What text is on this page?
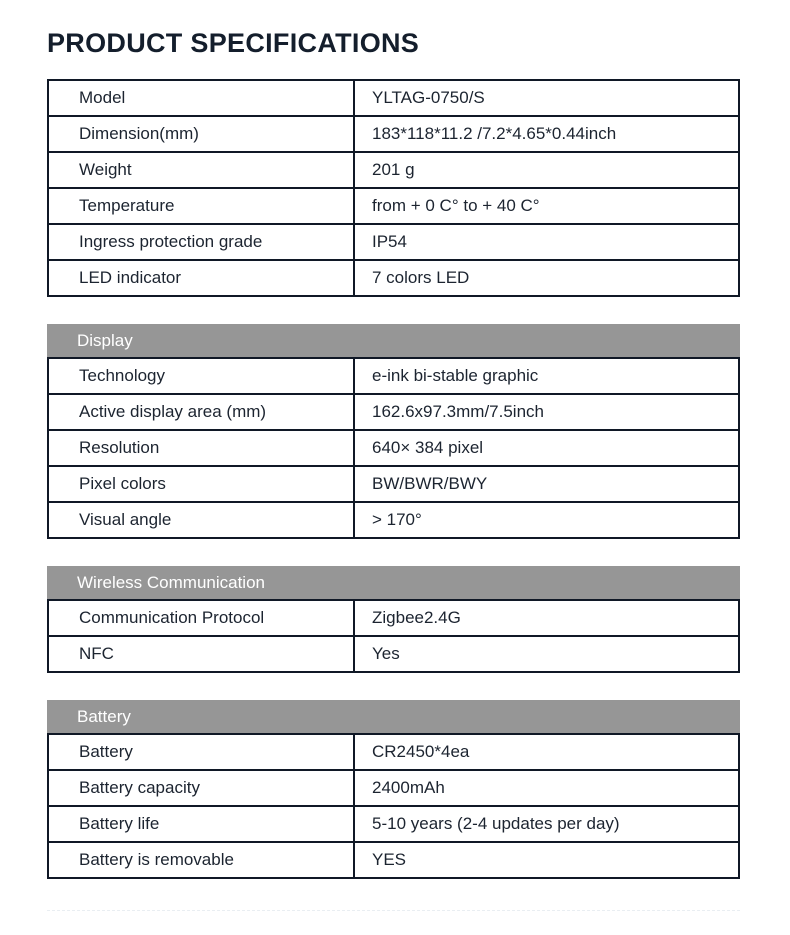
PRODUCT SPECIFICATIONS
Model	YLTAG-0750/S
Dimension(mm)	183*118*11.2 /7.2*4.65*0.44inch
Weight	201 g
Temperature	from + 0 C° to + 40 C°
Ingress protection grade	IP54
LED indicator	7 colors LED
Display
Technology	e-ink bi-stable graphic
Active display area (mm)	162.6x97.3mm/7.5inch
Resolution	640× 384 pixel
Pixel colors	BW/BWR/BWY
Visual angle	> 170°
Wireless Communication
Communication Protocol	Zigbee2.4G
NFC	Yes
Battery
Battery	CR2450*4ea
Battery capacity	2400mAh
Battery life	5-10 years (2-4 updates per day)
Battery is removable	YES
